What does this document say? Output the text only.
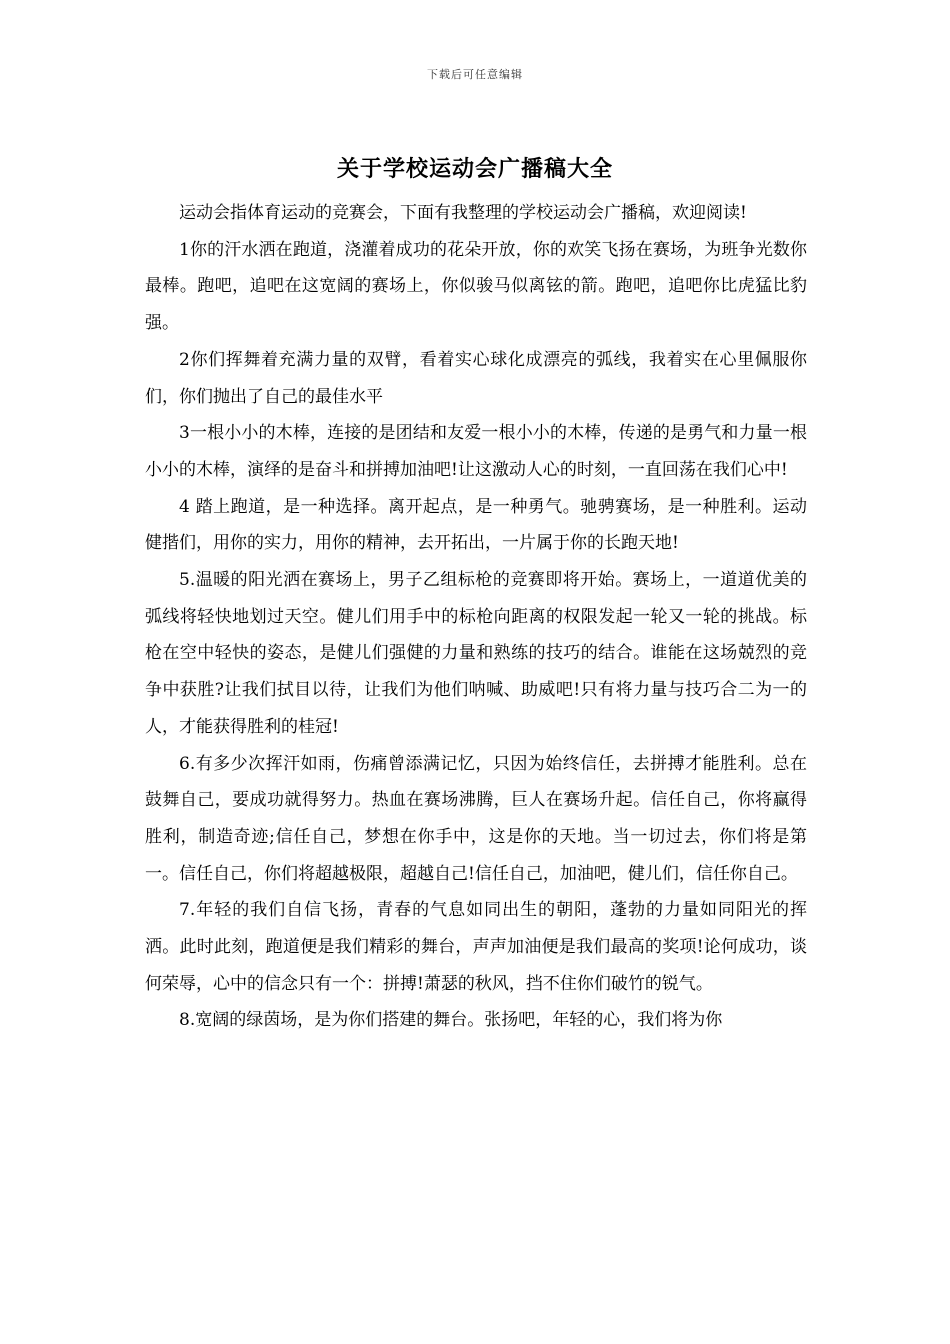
下载后可任意编辑
关于学校运动会广播稿大全

运动会指体育运动的竞赛会，下面有我整理的学校运动会广播稿，欢迎阅读!

1你的汗水洒在跑道，浇灌着成功的花朵开放，你的欢笑飞扬在赛场，为班争光数你最棒。跑吧，追吧在这宽阔的赛场上，你似骏马似离铉的箭。跑吧，追吧你比虎猛比豹强。

2你们挥舞着充满力量的双臂，看着实心球化成漂亮的弧线，我着实在心里佩服你们，你们抛出了自己的最佳水平

3一根小小的木棒，连接的是团结和友爱一根小小的木棒，传递的是勇气和力量一根小小的木棒，演绎的是奋斗和拼搏加油吧!让这激动人心的时刻，一直回荡在我们心中!

4 踏上跑道，是一种选择。离开起点，是一种勇气。驰骋赛场，是一种胜利。运动健揩们，用你的实力，用你的精神，去开拓出，一片属于你的长跑天地!

5.温暖的阳光洒在赛场上，男子乙组标枪的竞赛即将开始。赛场上，一道道优美的弧线将轻快地划过天空。健儿们用手中的标枪向距离的权限发起一轮又一轮的挑战。标枪在空中轻快的姿态，是健儿们强健的力量和熟练的技巧的结合。谁能在这场兢烈的竞争中获胜?让我们拭目以待，让我们为他们呐喊、助威吧!只有将力量与技巧合二为一的人，才能获得胜利的桂冠!

6.有多少次挥汗如雨，伤痛曾添满记忆，只因为始终信任，去拼搏才能胜利。总在鼓舞自己，要成功就得努力。热血在赛场沸腾，巨人在赛场升起。信任自己，你将赢得胜利，制造奇迹;信任自己，梦想在你手中，这是你的天地。当一切过去，你们将是第一。信任自己，你们将超越极限，超越自己!信任自己，加油吧，健儿们，信任你自己。

7.年轻的我们自信飞扬，青春的气息如同出生的朝阳，蓬勃的力量如同阳光的挥洒。此时此刻，跑道便是我们精彩的舞台，声声加油便是我们最高的奖项!论何成功，谈何荣辱，心中的信念只有一个：拼搏!萧瑟的秋风，挡不住你们破竹的锐气。

8.宽阔的绿茵场，是为你们搭建的舞台。张扬吧，年轻的心，我们将为你
